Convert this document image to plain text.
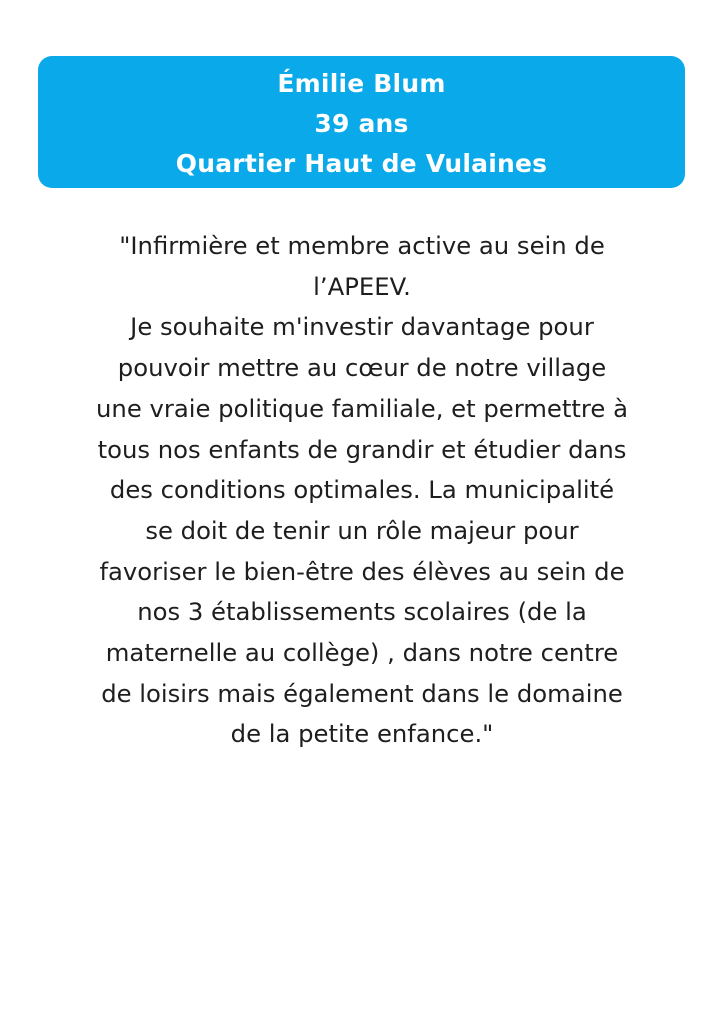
Émilie Blum
39 ans
Quartier Haut de Vulaines
"Infirmière et membre active au sein de
l’APEEV.
Je souhaite m'investir davantage pour
pouvoir mettre au cœur de notre village
une vraie politique familiale, et permettre à
tous nos enfants de grandir et étudier dans
des conditions optimales. La municipalité
se doit de tenir un rôle majeur pour
favoriser le bien-être des élèves au sein de
nos 3 établissements scolaires (de la
maternelle au collège) , dans notre centre
de loisirs mais également dans le domaine
de la petite enfance."
